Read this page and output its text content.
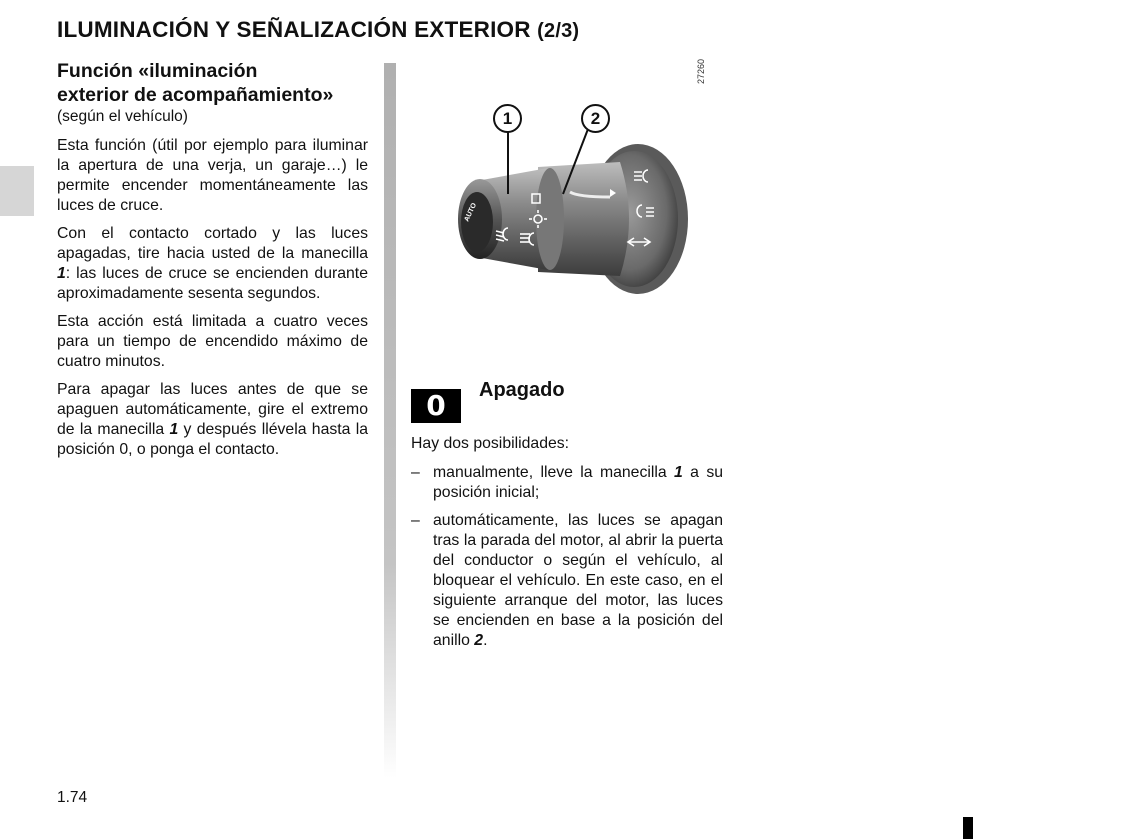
ILUMINACIÓN Y SEÑALIZACIÓN EXTERIOR (2/3)
Función «iluminación
exterior de acompañamiento»
(según el vehículo)

Esta función (útil por ejemplo para iluminar la apertura de una verja, un garaje…) le permite encender momentáneamente las luces de cruce.

Con el contacto cortado y las luces apagadas, tire hacia usted de la manecilla 1: las luces de cruce se encienden durante aproximadamente sesenta segundos.

Esta acción está limitada a cuatro veces para un tiempo de encendido máximo de cuatro minutos.

Para apagar las luces antes de que se apaguen automáticamente, gire el extremo de la manecilla 1 y después llévela hasta la posición 0, o ponga el contacto.

AUTO
27260
1	2
0 Apagado
Hay dos posibilidades:
– manualmente, lleve la manecilla 1 a su posición inicial;
– automáticamente, las luces se apagan tras la parada del motor, al abrir la puerta del conductor o según el vehículo, al bloquear el vehículo. En este caso, en el siguiente arranque del motor, las luces se encienden en base a la posición del anillo 2.
1.74
